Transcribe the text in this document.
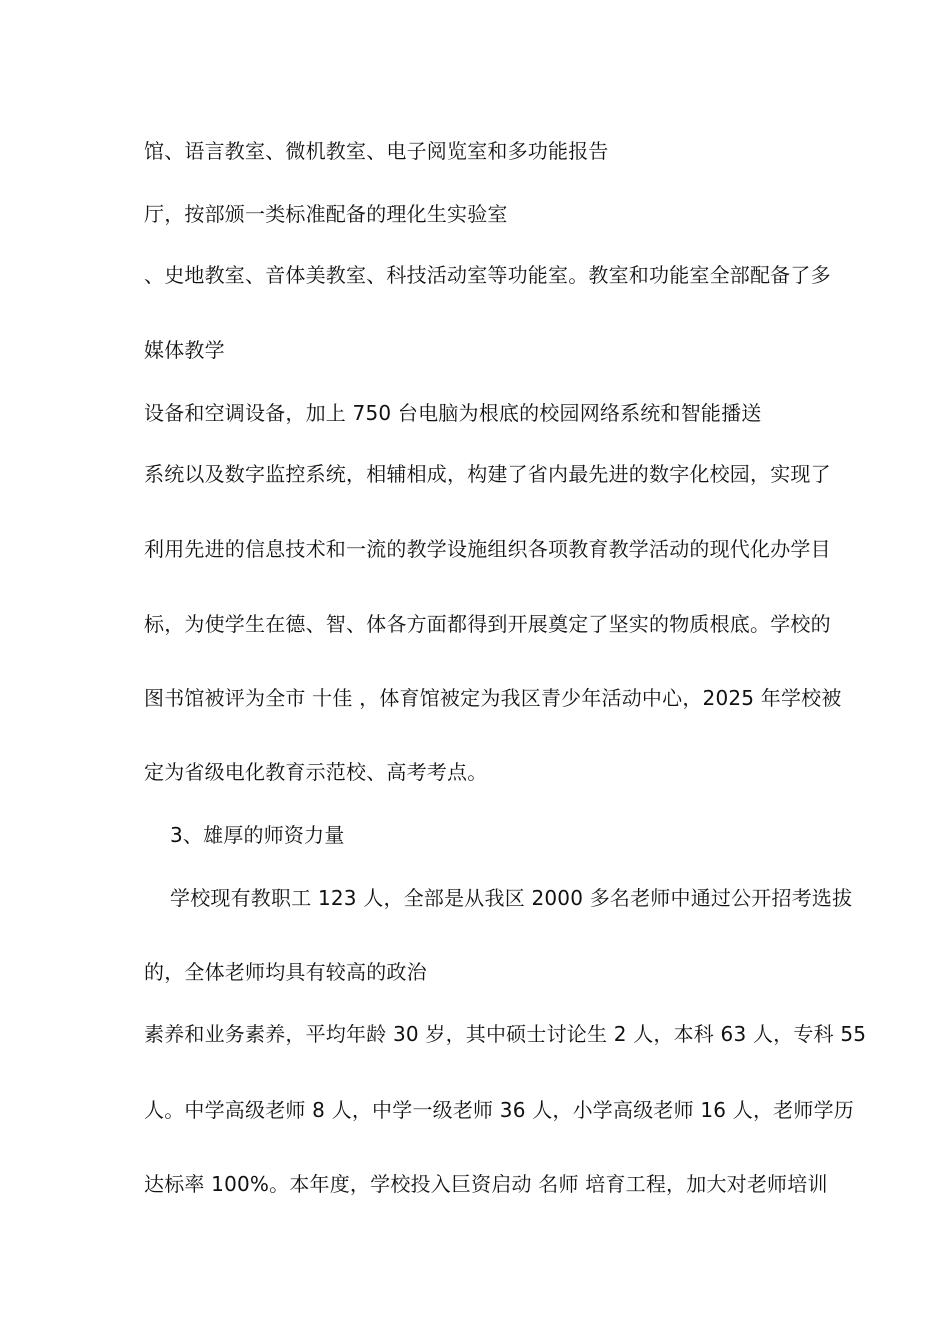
馆、语言教室、微机教室、电子阅览室和多功能报告
厅，按部颁一类标准配备的理化生实验室
、史地教室、音体美教室、科技活动室等功能室。教室和功能室全部配备了多
媒体教学
设备和空调设备，加上 750 台电脑为根底的校园网络系统和智能播送
系统以及数字监控系统，相辅相成，构建了省内最先进的数字化校园，实现了
利用先进的信息技术和一流的教学设施组织各项教育教学活动的现代化办学目
标，为使学生在德、智、体各方面都得到开展奠定了坚实的物质根底。学校的
图书馆被评为全市 十佳 ，体育馆被定为我区青少年活动中心，2025 年学校被
定为省级电化教育示范校、高考考点。
3、雄厚的师资力量
学校现有教职工 123 人，全部是从我区 2000 多名老师中通过公开招考选拔
的，全体老师均具有较高的政治
素养和业务素养，平均年龄 30 岁，其中硕士讨论生 2 人，本科 63 人，专科 55
人。中学高级老师 8 人，中学一级老师 36 人，小学高级老师 16 人，老师学历
达标率 100%。本年度，学校投入巨资启动 名师 培育工程，加大对老师培训
